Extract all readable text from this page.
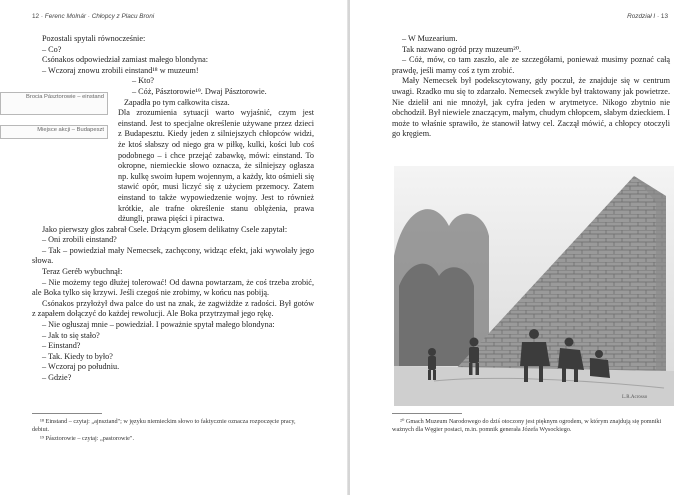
12 · Ferenc Molnár · Chłopcy z Placu Broni
Brocia Pásztorowie – einstand
Miejsce akcji – Budapeszt

Pozostali spytali równocześnie:

– Co?

Csónakos odpowiedział zamiast małego blondyna:

– Wczoraj znowu zrobili einstand¹⁸ w muzeum!

– Kto?

– Cóż, Pásztorowie¹⁹. Dwaj Pásztorowie.

Zapadła po tym całkowita cisza.

Dla zrozumienia sytuacji warto wyjaśnić, czym jest einstand. Jest to specjalne określenie używane przez dzieci z Budapesztu. Kiedy jeden z silniejszych chłopców widzi, że ktoś słabszy od niego gra w piłkę, kulki, kości lub coś podobnego – i chce przejąć zabawkę, mówi: einstand. To okropne, niemieckie słowo oznacza, że silniejszy ogłasza np. kulkę swoim łupem wojennym, a każdy, kto ośmieli się stawić opór, musi liczyć się z użyciem przemocy. Zatem einstand to także wypowiedzenie wojny. Jest to również krótkie, ale trafne określenie stanu oblężenia, prawa dżungli, prawa pięści i piractwa.

Jako pierwszy głos zabrał Csele. Drżącym głosem delikatny Csele zapytał:

– Oni zrobili einstand?

– Tak – powiedział mały Nemecsek, zachęcony, widząc efekt, jaki wywołały jego słowa.

Teraz Geréb wybuchnął:

– Nie możemy tego dłużej tolerować! Od dawna powtarzam, że coś trzeba zrobić, ale Boka tylko się krzywi. Jeśli czegoś nie zrobimy, w końcu nas pobiją.

Csónakos przyłożył dwa palce do ust na znak, że zagwiżdże z radości. Był gotów z zapałem dołączyć do każdej rewolucji. Ale Boka przytrzymał jego rękę.

– Nie ogłuszaj mnie – powiedział. I poważnie spytał małego blondyna:

– Jak to się stało?

– Einstand?

– Tak. Kiedy to było?

– Wczoraj po południu.

– Gdzie?

¹⁸ Einstand – czytaj: „ajnsztand"; w języku niemieckim słowo to faktycznie oznacza rozpoczęcie pracy, debiut.

¹⁹ Pásztorowie – czytaj: „pastorowie".

Rozdział I · 13

– W Muzearium.

Tak nazwano ogród przy muzeum²⁰.

– Cóż, mów, co tam zaszło, ale ze szczegółami, ponieważ musimy poznać całą prawdę, jeśli mamy coś z tym zrobić.

Mały Nemecsek był podekscytowany, gdy poczuł, że znajduje się w centrum uwagi. Rzadko mu się to zdarzało. Nemecsek zwykle był traktowany jak powietrze. Nie dzielił ani nie mnożył, jak cyfra jeden w arytmetyce. Nikogo zbytnio nie obchodził. Był niewiele znaczącym, małym, chudym chłopcem, słabym dzieckiem. I może to właśnie sprawiło, że stanowił łatwy cel. Zaczął mówić, a chłopcy otoczyli go kręgiem.

L.R.Acrosso

²⁰ Gmach Muzeum Narodowego do dziś otoczony jest pięknym ogrodem, w którym znajdują się pomniki ważnych dla Węgier postaci, m.in. pomnik generała Józefa Wysockiego.
